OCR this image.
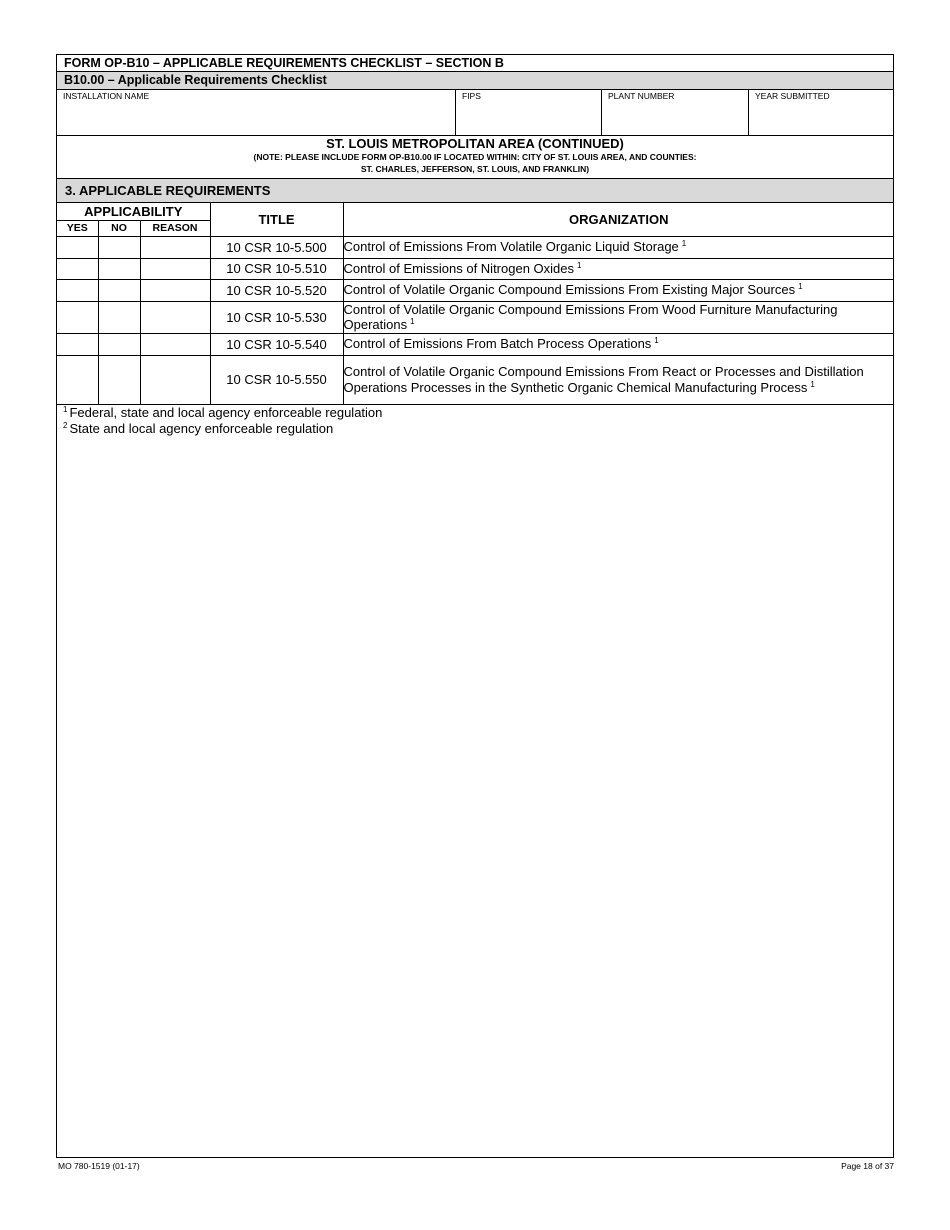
FORM OP-B10 – APPLICABLE REQUIREMENTS CHECKLIST – SECTION B
B10.00 – Applicable Requirements Checklist
INSTALLATION NAME	FIPS	PLANT NUMBER	YEAR SUBMITTED
ST. LOUIS METROPOLITAN AREA (CONTINUED)
(NOTE: PLEASE INCLUDE FORM OP-B10.00 IF LOCATED WITHIN: CITY OF ST. LOUIS AREA, AND COUNTIES:
ST. CHARLES, JEFFERSON, ST. LOUIS, AND FRANKLIN)
3. APPLICABLE REQUIREMENTS
APPLICABILITY			TITLE	ORGANIZATION
YES	NO	REASON		
			10 CSR 10-5.500	Control of Emissions From Volatile Organic Liquid Storage $^1$
			10 CSR 10-5.510	Control of Emissions of Nitrogen Oxides $^1$
			10 CSR 10-5.520	Control of Volatile Organic Compound Emissions From Existing Major Sources $^1$
			10 CSR 10-5.530	Control of Volatile Organic Compound Emissions From Wood Furniture Manufacturing Operations $^1$
			10 CSR 10-5.540	Control of Emissions From Batch Process Operations $^1$
			10 CSR 10-5.550	Control of Volatile Organic Compound Emissions From React or Processes and Distillation Operations Processes in the Synthetic Organic Chemical Manufacturing Process $^1$
$^1$ Federal, state and local agency enforceable regulation
$^2$ State and local agency enforceable regulation
MO 780-1519 (01-17)	Page 18 of 37
